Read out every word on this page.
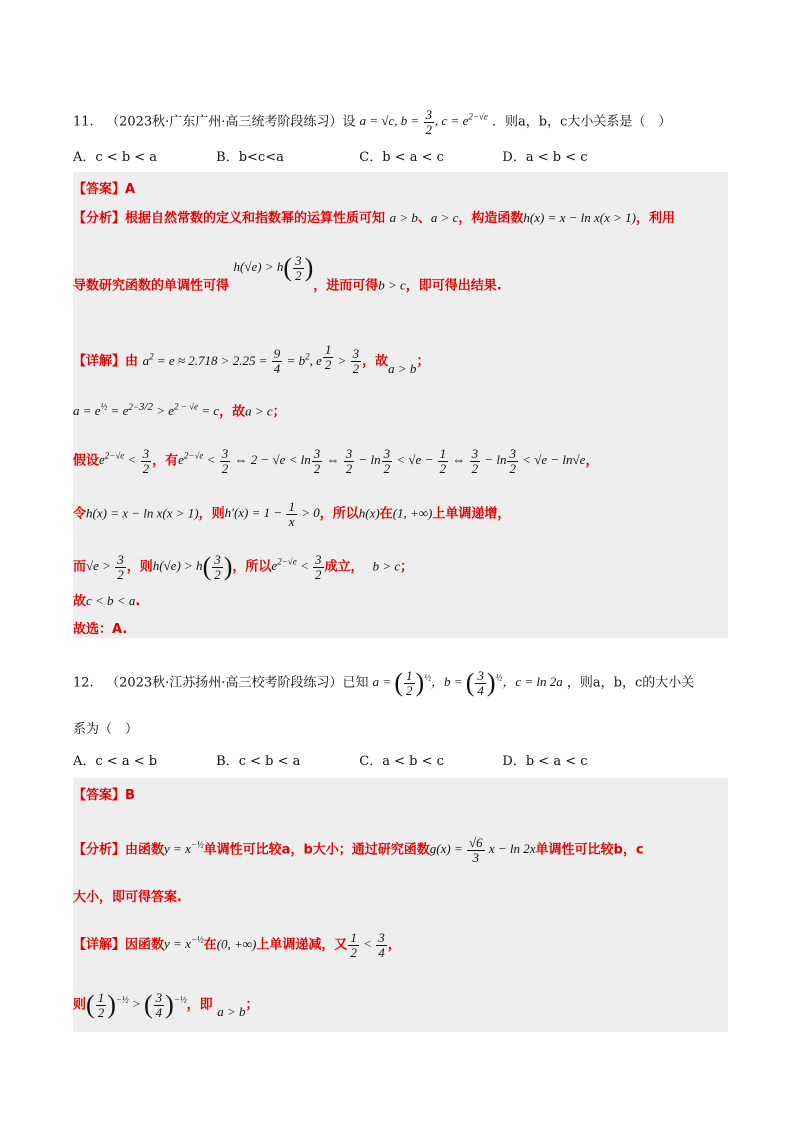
11. （2023秋·广东广州·高三统考阶段练习）设 a = √c, $b = \frac{3}{2}$ , $c = e^{2-√e}$ ．则a，b，c大小关系是（　）
A．c < b < a	B．b<c<a	C．b < a < c	D．a < b < c
【答案】A
【分析】根据自然常数的定义和指数幂的运算性质可知 a > b、a > c，构造函数h(x) = x − ln x(x > 1)，利用
导数研究函数的单调性可得 $h(√e) > h( \frac{3}{2}$ )，进而可得b > c，即可得出结果.
【详解】由 $a^2 = e \approx 2.718 > 2.25 = \frac{9}{4} = b^2$, e $^{\frac{1}{2}} > \frac{3}{2}$ ，故a > b；
$a = e^{\frac{1}{2}} = e^{2-3/2} > e^{2 - √e} = c$，故a > c；
假设$e^{2-√e} < \frac{3}{2}$ ，有$e^{2-√e} < \frac{3}{2}$ ⇔ $2 - √e < \ln \frac{3}{2}$ ⇔ $\frac{3}{2} - \ln \frac{3}{2} < √e - \frac{1}{2}$ ⇔ $\frac{3}{2} - \ln \frac{3}{2} < √e - \ln√e$，
令h(x) = x − ln x(x > 1)，则$h'(x) = 1 - \frac{1}{x} > 0$，所以h(x)在(1, +∞)上单调递增，
而$√e > \frac{3}{2}$ ，则$h(√e) > h( \frac{3}{2}$ )，所以$e^{2-√e} < \frac{3}{2}$ 成立， b > c；
故c < b < a.
故选：A.
12. （2023秋·江苏扬州·高三校考阶段练习）已知 a = ( $\frac{1}{2} )^{\frac{1}{2}}$，b = ( $\frac{3}{4} )^{\frac{1}{2}}$，c = ln 2a ，则a，b，c的大小关
系为（　）
A．c < a < b	B．c < b < a	C．a < b < c	D．b < a < c
【答案】B
【分析】由函数$y = x^{-\frac{1}{2}}$单调性可比较a，b大小；通过研究函数$g(x) = \frac{√6}{3}$ x − ln 2x单调性可比较b，c
大小，即可得答案.
【详解】因函数$y = x^{-\frac{1}{2}}$在(0, +∞)上单调递减，又 $\frac{1}{2} < \frac{3}{4}$ ，
则( $\frac{1}{2} )^{-\frac{1}{2}}$ > ( $\frac{3}{4} )^{-\frac{1}{2}}$，即 a > b；
